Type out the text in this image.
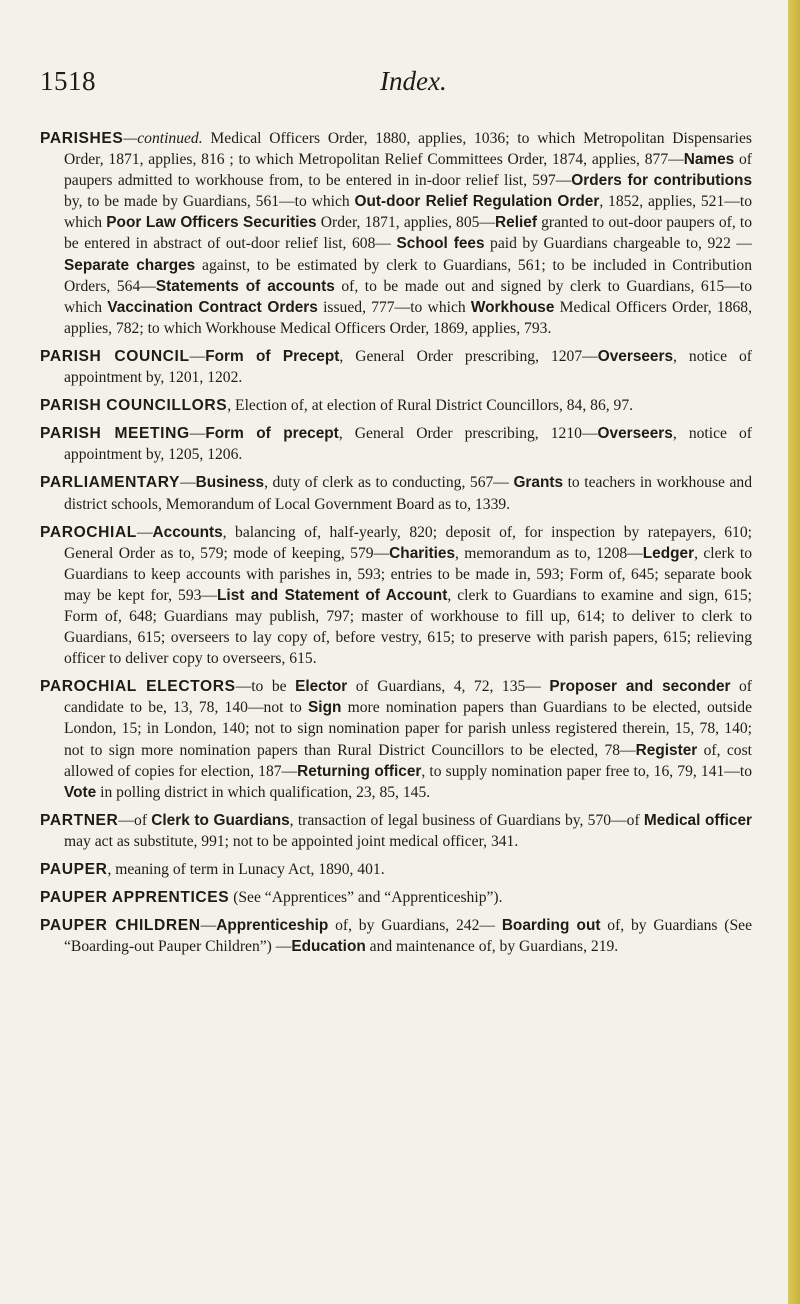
1518	Index.

PARISHES—continued. Medical Officers Order, 1880, applies, 1036; to which Metropolitan Dispensaries Order, 1871, applies, 816 ; to which Metropolitan Relief Committees Order, 1874, applies, 877—Names of paupers admitted to workhouse from, to be entered in in-door relief list, 597—Orders for contributions by, to be made by Guardians, 561—to which Out-door Relief Regulation Order, 1852, applies, 521—to which Poor Law Officers Securities Order, 1871, applies, 805—Relief granted to out-door paupers of, to be entered in abstract of out-door relief list, 608— School fees paid by Guardians chargeable to, 922 — Separate charges against, to be estimated by clerk to Guardians, 561; to be included in Contribution Orders, 564—Statements of accounts of, to be made out and signed by clerk to Guardians, 615—to which Vaccination Contract Orders issued, 777—to which Workhouse Medical Officers Order, 1868, applies, 782; to which Workhouse Medical Officers Order, 1869, applies, 793.

PARISH COUNCIL—Form of Precept, General Order prescribing, 1207—Overseers, notice of appointment by, 1201, 1202.

PARISH COUNCILLORS, Election of, at election of Rural District Councillors, 84, 86, 97.

PARISH MEETING—Form of precept, General Order prescribing, 1210—Overseers, notice of appointment by, 1205, 1206.

PARLIAMENTARY—Business, duty of clerk as to conducting, 567— Grants to teachers in workhouse and district schools, Memorandum of Local Government Board as to, 1339.

PAROCHIAL—Accounts, balancing of, half-yearly, 820; deposit of, for inspection by ratepayers, 610; General Order as to, 579; mode of keeping, 579—Charities, memorandum as to, 1208—Ledger, clerk to Guardians to keep accounts with parishes in, 593; entries to be made in, 593; Form of, 645; separate book may be kept for, 593—List and Statement of Account, clerk to Guardians to examine and sign, 615; Form of, 648; Guardians may publish, 797; master of workhouse to fill up, 614; to deliver to clerk to Guardians, 615; overseers to lay copy of, before vestry, 615; to preserve with parish papers, 615; relieving officer to deliver copy to overseers, 615.

PAROCHIAL ELECTORS—to be Elector of Guardians, 4, 72, 135— Proposer and seconder of candidate to be, 13, 78, 140—not to Sign more nomination papers than Guardians to be elected, outside London, 15; in London, 140; not to sign nomination paper for parish unless registered therein, 15, 78, 140; not to sign more nomination papers than Rural District Councillors to be elected, 78—Register of, cost allowed of copies for election, 187—Returning officer, to supply nomination paper free to, 16, 79, 141—to Vote in polling district in which qualification, 23, 85, 145.

PARTNER—of Clerk to Guardians, transaction of legal business of Guardians by, 570—of Medical officer may act as substitute, 991; not to be appointed joint medical officer, 341.

PAUPER, meaning of term in Lunacy Act, 1890, 401.

PAUPER APPRENTICES (See “Apprentices” and “Apprenticeship”).

PAUPER CHILDREN—Apprenticeship of, by Guardians, 242— Boarding out of, by Guardians (See “Boarding-out Pauper Children”) —Education and maintenance of, by Guardians, 219.
